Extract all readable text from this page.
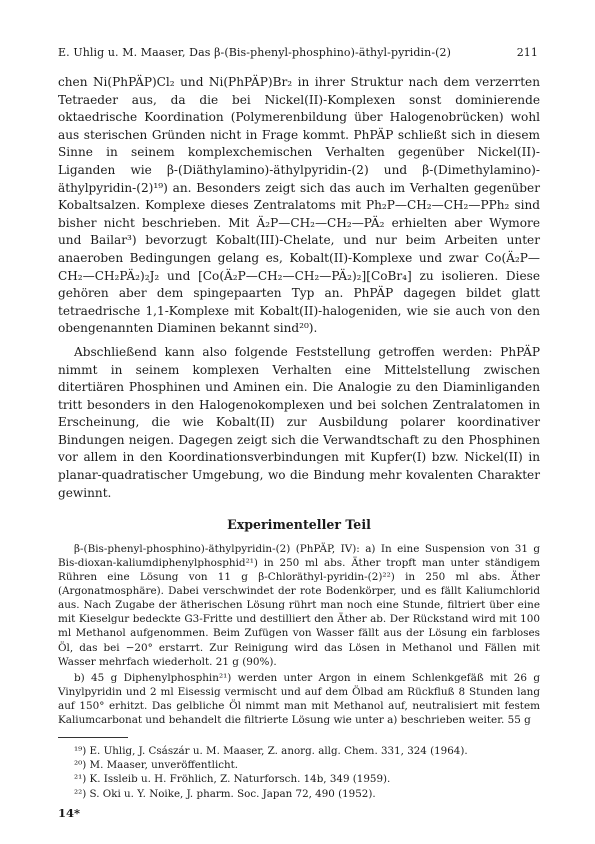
E. Uhlig u. M. Maaser, Das β-(Bis-phenyl-phosphino)-äthyl-pyridin-(2)	211

chen Ni(PhPÄP)Cl₂ und Ni(PhPÄP)Br₂ in ihrer Struktur nach dem verzerrten Tetraeder aus, da die bei Nickel(II)-Komplexen sonst dominierende oktaedrische Koordination (Polymerenbildung über Halogenobrücken) wohl aus sterischen Gründen nicht in Frage kommt. PhPÄP schließt sich in diesem Sinne in seinem komplexchemischen Verhalten gegenüber Nickel(II)-Liganden wie β-(Diäthylamino)-äthylpyridin-(2) und β-(Dimethylamino)-äthylpyridin-(2)¹⁹) an. Besonders zeigt sich das auch im Verhalten gegenüber Kobaltsalzen. Komplexe dieses Zentralatoms mit Ph₂P—CH₂—CH₂—PPh₂ sind bisher nicht beschrieben. Mit Ä₂P—CH₂—CH₂—PÄ₂ erhielten aber Wymore und Bailar³) bevorzugt Kobalt(III)-Chelate, und nur beim Arbeiten unter anaeroben Bedingungen gelang es, Kobalt(II)-Komplexe und zwar Co(Ä₂P—CH₂—CH₂PÄ₂)₂J₂ und [Co(Ä₂P—CH₂—CH₂—PÄ₂)₂][CoBr₄] zu isolieren. Diese gehören aber dem spingepaarten Typ an. PhPÄP dagegen bildet glatt tetraedrische 1,1-Komplexe mit Kobalt(II)-halogeniden, wie sie auch von den obengenannten Diaminen bekannt sind²⁰).

Abschließend kann also folgende Feststellung getroffen werden: PhPÄP nimmt in seinem komplexen Verhalten eine Mittelstellung zwischen ditertiären Phosphinen und Aminen ein. Die Analogie zu den Diaminliganden tritt besonders in den Halogenokomplexen und bei solchen Zentralatomen in Erscheinung, die wie Kobalt(II) zur Ausbildung polarer koordinativer Bindungen neigen. Dagegen zeigt sich die Verwandtschaft zu den Phosphinen vor allem in den Koordinationsverbindungen mit Kupfer(I) bzw. Nickel(II) in planar-quadratischer Umgebung, wo die Bindung mehr kovalenten Charakter gewinnt.

Experimenteller Teil

β-(Bis-phenyl-phosphino)-äthylpyridin-(2) (PhPÄP, IV): a) In eine Suspension von 31 g Bis-dioxan-kaliumdiphenylphosphid²¹) in 250 ml abs. Äther tropft man unter ständigem Rühren eine Lösung von 11 g β-Chloräthyl-pyridin-(2)²²) in 250 ml abs. Äther (Argonatmosphäre). Dabei verschwindet der rote Bodenkörper, und es fällt Kaliumchlorid aus. Nach Zugabe der ätherischen Lösung rührt man noch eine Stunde, filtriert über eine mit Kieselgur bedeckte G3-Fritte und destilliert den Äther ab. Der Rückstand wird mit 100 ml Methanol aufgenommen. Beim Zufügen von Wasser fällt aus der Lösung ein farbloses Öl, das bei −20° erstarrt. Zur Reinigung wird das Lösen in Methanol und Fällen mit Wasser mehrfach wiederholt. 21 g (90%).

b) 45 g Diphenylphosphin²¹) werden unter Argon in einem Schlenkgefäß mit 26 g Vinylpyridin und 2 ml Eisessig vermischt und auf dem Ölbad am Rückfluß 8 Stunden lang auf 150° erhitzt. Das gelbliche Öl nimmt man mit Methanol auf, neutralisiert mit festem Kaliumcarbonat und behandelt die filtrierte Lösung wie unter a) beschrieben weiter. 55 g

¹⁹) E. Uhlig, J. Császár u. M. Maaser, Z. anorg. allg. Chem. 331, 324 (1964).
²⁰) M. Maaser, unveröffentlicht.
²¹) K. Issleib u. H. Fröhlich, Z. Naturforsch. 14b, 349 (1959).
²²) S. Oki u. Y. Noike, J. pharm. Soc. Japan 72, 490 (1952).
14*
